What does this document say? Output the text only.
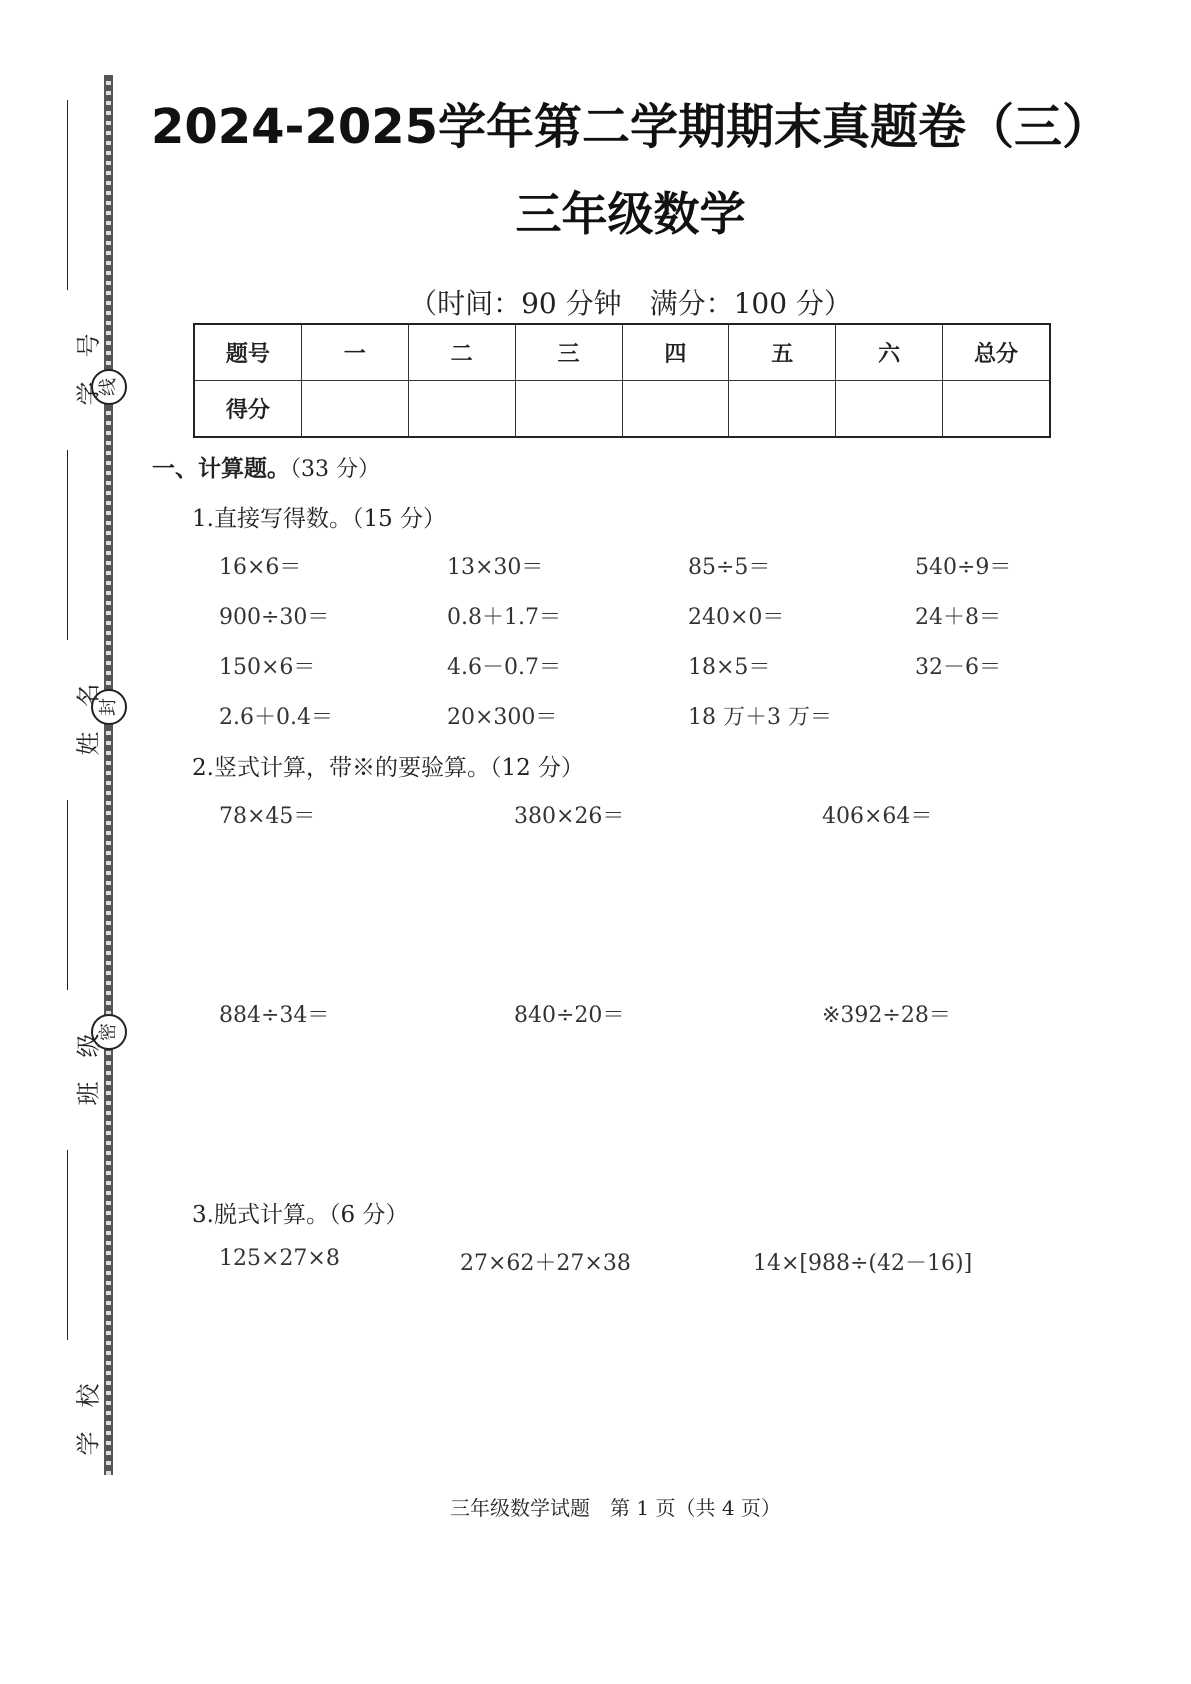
线
封
密
学号
姓名
班级
学校
2024-2025学年第二学期期末真题卷（三）
三年级数学
（时间：90 分钟　满分：100 分）
题号	一	二	三	四	五	六	总分
得分							
一、计算题。（33 分）
1.直接写得数。（15 分）
16×6＝	13×30＝	85÷5＝	540÷9＝
900÷30＝	0.8＋1.7＝	240×0＝	24＋8＝
150×6＝	4.6－0.7＝	18×5＝	32－6＝
2.6＋0.4＝	20×300＝	18 万＋3 万＝
2.竖式计算，带※的要验算。（12 分）
78×45＝	380×26＝	406×64＝
884÷34＝	840÷20＝	※392÷28＝
3.脱式计算。（6 分）
125×27×8	27×62＋27×38	14×[988÷(42－16)]
三年级数学试题　第 1 页（共 4 页）
